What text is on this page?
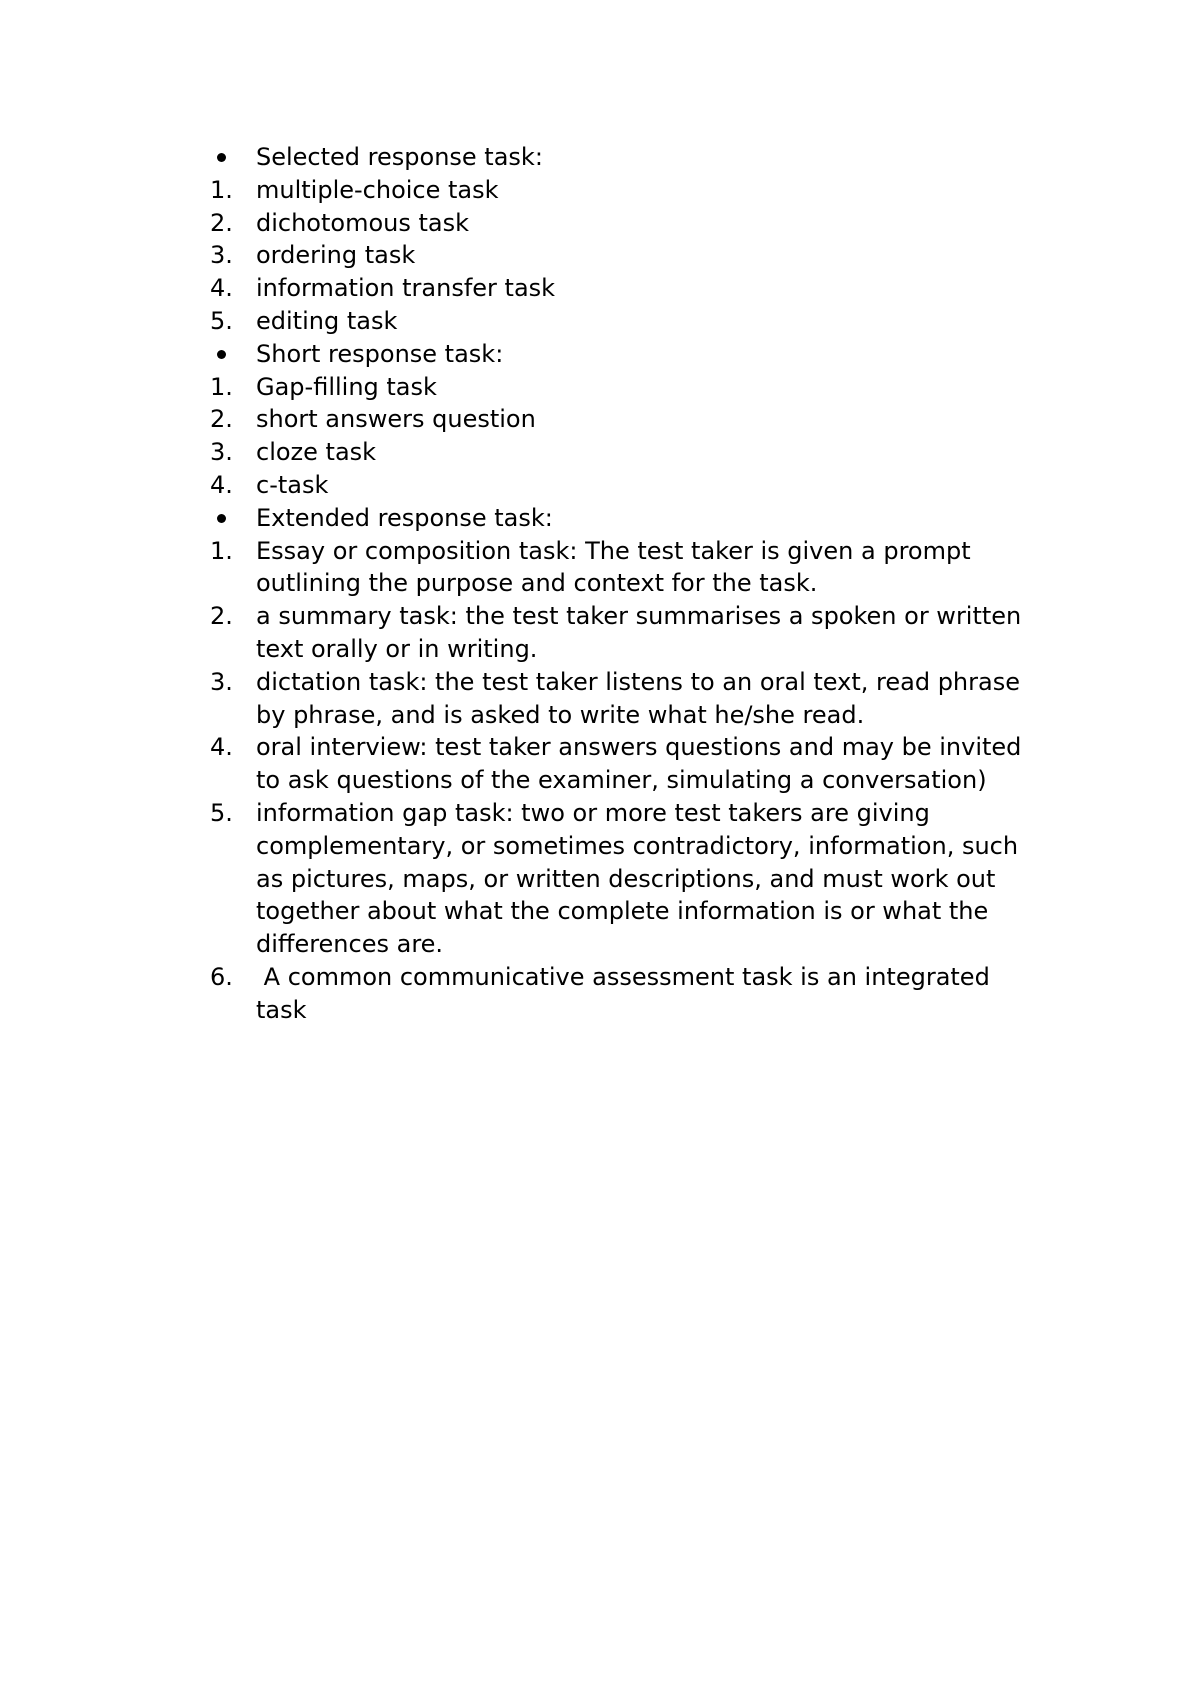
Selected response task:
1. multiple-choice task
2. dichotomous task
3. ordering task
4. information transfer task
5. editing task
Short response task:
1. Gap-filling task
2. short answers question
3. cloze task
4. c-task
Extended response task:
1. Essay or composition task: The test taker is given a prompt outlining the purpose and context for the task.
2. a summary task: the test taker summarises a spoken or written text orally or in writing.
3. dictation task: the test taker listens to an oral text, read phrase by phrase, and is asked to write what he/she read.
4. oral interview: test taker answers questions and may be invited to ask questions of the examiner, simulating a conversation)
5. information gap task: two or more test takers are giving complementary, or sometimes contradictory, information, such as pictures, maps, or written descriptions, and must work out together about what the complete information is or what the differences are.
6. A common communicative assessment task is an integrated task
